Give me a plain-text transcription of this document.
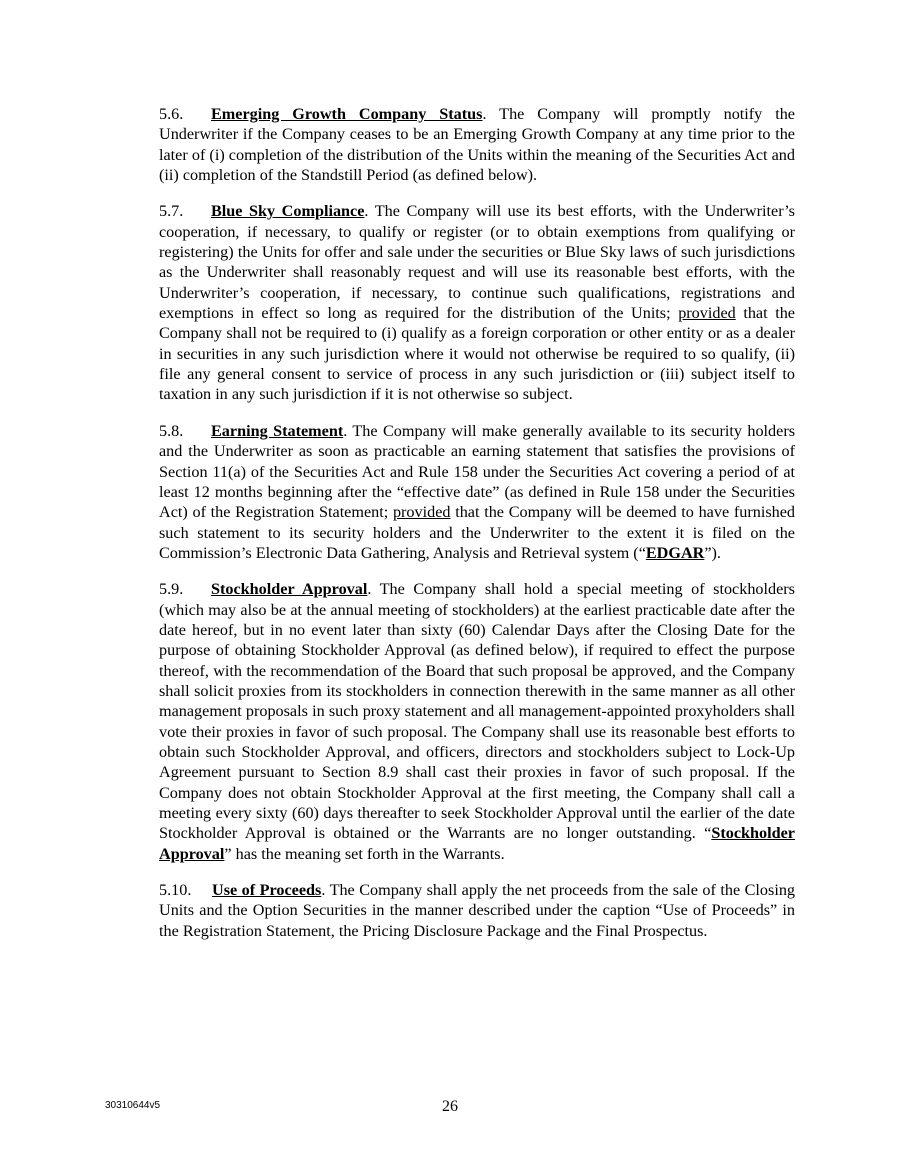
5.6. Emerging Growth Company Status. The Company will promptly notify the Underwriter if the Company ceases to be an Emerging Growth Company at any time prior to the later of (i) completion of the distribution of the Units within the meaning of the Securities Act and (ii) completion of the Standstill Period (as defined below).

5.7. Blue Sky Compliance. The Company will use its best efforts, with the Underwriter’s cooperation, if necessary, to qualify or register (or to obtain exemptions from qualifying or registering) the Units for offer and sale under the securities or Blue Sky laws of such jurisdictions as the Underwriter shall reasonably request and will use its reasonable best efforts, with the Underwriter’s cooperation, if necessary, to continue such qualifications, registrations and exemptions in effect so long as required for the distribution of the Units; provided that the Company shall not be required to (i) qualify as a foreign corporation or other entity or as a dealer in securities in any such jurisdiction where it would not otherwise be required to so qualify, (ii) file any general consent to service of process in any such jurisdiction or (iii) subject itself to taxation in any such jurisdiction if it is not otherwise so subject.

5.8. Earning Statement. The Company will make generally available to its security holders and the Underwriter as soon as practicable an earning statement that satisfies the provisions of Section 11(a) of the Securities Act and Rule 158 under the Securities Act covering a period of at least 12 months beginning after the “effective date” (as defined in Rule 158 under the Securities Act) of the Registration Statement; provided that the Company will be deemed to have furnished such statement to its security holders and the Underwriter to the extent it is filed on the Commission’s Electronic Data Gathering, Analysis and Retrieval system (“EDGAR”).

5.9. Stockholder Approval. The Company shall hold a special meeting of stockholders (which may also be at the annual meeting of stockholders) at the earliest practicable date after the date hereof, but in no event later than sixty (60) Calendar Days after the Closing Date for the purpose of obtaining Stockholder Approval (as defined below), if required to effect the purpose thereof, with the recommendation of the Board that such proposal be approved, and the Company shall solicit proxies from its stockholders in connection therewith in the same manner as all other management proposals in such proxy statement and all management-appointed proxyholders shall vote their proxies in favor of such proposal. The Company shall use its reasonable best efforts to obtain such Stockholder Approval, and officers, directors and stockholders subject to Lock-Up Agreement pursuant to Section 8.9 shall cast their proxies in favor of such proposal. If the Company does not obtain Stockholder Approval at the first meeting, the Company shall call a meeting every sixty (60) days thereafter to seek Stockholder Approval until the earlier of the date Stockholder Approval is obtained or the Warrants are no longer outstanding. “Stockholder Approval” has the meaning set forth in the Warrants.

5.10. Use of Proceeds. The Company shall apply the net proceeds from the sale of the Closing Units and the Option Securities in the manner described under the caption “Use of Proceeds” in the Registration Statement, the Pricing Disclosure Package and the Final Prospectus.

30310644v5	26
